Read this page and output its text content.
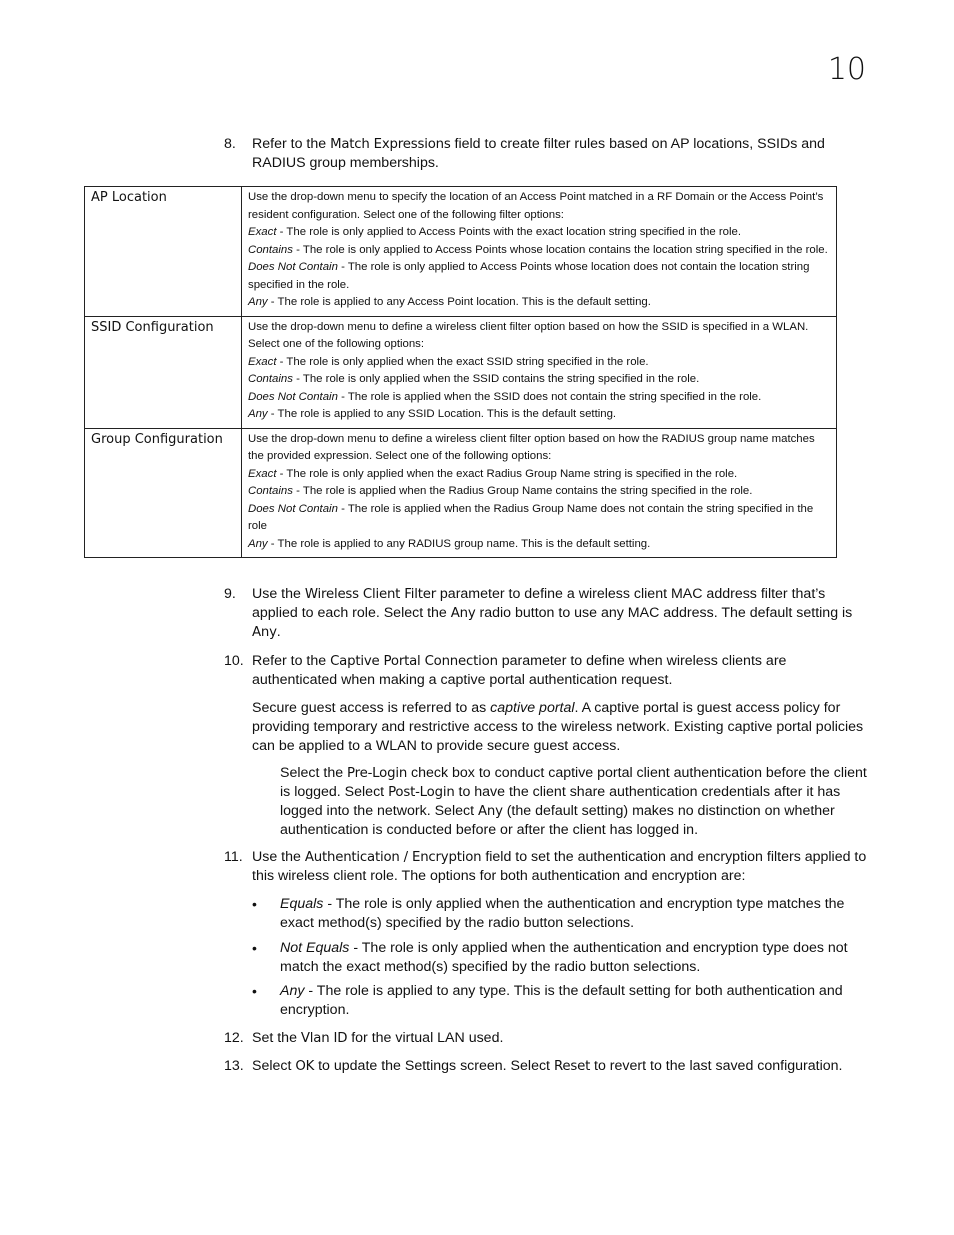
10
8. Refer to the Match Expressions field to create filter rules based on AP locations, SSIDs and RADIUS group memberships.
AP Location	Use the drop-down menu to specify the location of an Access Point matched in a RF Domain or the Access Point’s resident configuration. Select one of the following filter options:
Exact - The role is only applied to Access Points with the exact location string specified in the role.
Contains - The role is only applied to Access Points whose location contains the location string specified in the role.
Does Not Contain - The role is only applied to Access Points whose location does not contain the location string specified in the role.
Any - The role is applied to any Access Point location. This is the default setting.

SSID Configuration	Use the drop-down menu to define a wireless client filter option based on how the SSID is specified in a WLAN. Select one of the following options:
Exact - The role is only applied when the exact SSID string specified in the role.
Contains - The role is only applied when the SSID contains the string specified in the role.
Does Not Contain - The role is applied when the SSID does not contain the string specified in the role.
Any - The role is applied to any SSID Location. This is the default setting.

Group Configuration	Use the drop-down menu to define a wireless client filter option based on how the RADIUS group name matches the provided expression. Select one of the following options:
Exact - The role is only applied when the exact Radius Group Name string is specified in the role.
Contains - The role is applied when the Radius Group Name contains the string specified in the role.
Does Not Contain - The role is applied when the Radius Group Name does not contain the string specified in the role
Any - The role is applied to any RADIUS group name. This is the default setting.
9. Use the Wireless Client Filter parameter to define a wireless client MAC address filter that’s applied to each role. Select the Any radio button to use any MAC address. The default setting is Any.
10. Refer to the Captive Portal Connection parameter to define when wireless clients are authenticated when making a captive portal authentication request.
Secure guest access is referred to as captive portal. A captive portal is guest access policy for providing temporary and restrictive access to the wireless network. Existing captive portal policies can be applied to a WLAN to provide secure guest access.
Select the Pre-Login check box to conduct captive portal client authentication before the client is logged. Select Post-Login to have the client share authentication credentials after it has logged into the network. Select Any (the default setting) makes no distinction on whether authentication is conducted before or after the client has logged in.
11. Use the Authentication / Encryption field to set the authentication and encryption filters applied to this wireless client role. The options for both authentication and encryption are:
• Equals - The role is only applied when the authentication and encryption type matches the exact method(s) specified by the radio button selections.
• Not Equals - The role is only applied when the authentication and encryption type does not match the exact method(s) specified by the radio button selections.
• Any - The role is applied to any type. This is the default setting for both authentication and encryption.
12. Set the Vlan ID for the virtual LAN used.
13. Select OK to update the Settings screen. Select Reset to revert to the last saved configuration.
